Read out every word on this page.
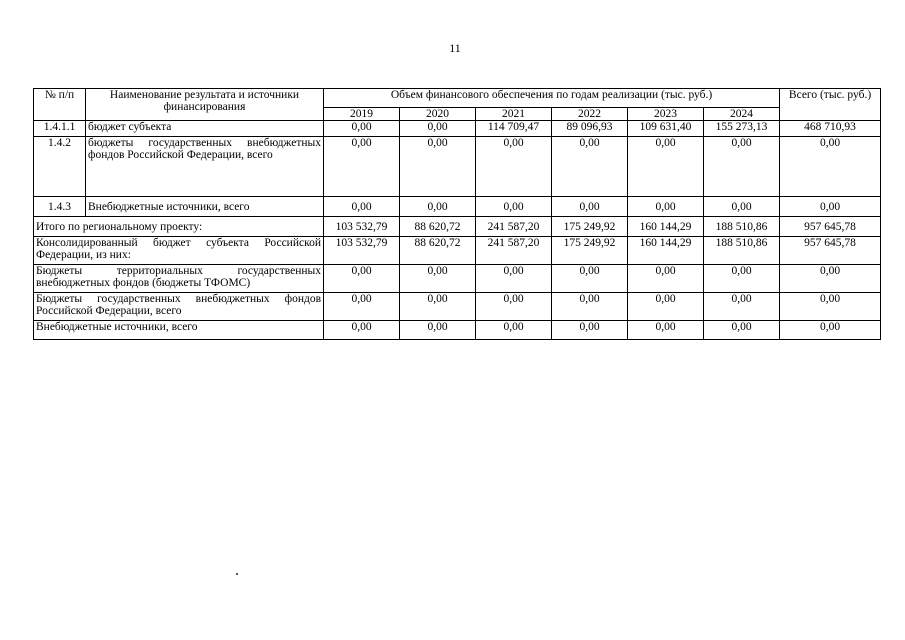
11
№ п/п	Наименование результата и источники финансирования	Объем финансового обеспечения по годам реализации (тыс. руб.)						Всего (тыс. руб.)
		2019	2020	2021	2022	2023	2024	
1.4.1.1	бюджет субъекта	0,00	0,00	114 709,47	89 096,93	109 631,40	155 273,13	468 710,93
1.4.2	бюджеты государственных внебюджетных фондов Российской Федерации, всего	0,00	0,00	0,00	0,00	0,00	0,00	0,00
1.4.3	Внебюджетные источники, всего	0,00	0,00	0,00	0,00	0,00	0,00	0,00
Итого по региональному проекту:		103 532,79	88 620,72	241 587,20	175 249,92	160 144,29	188 510,86	957 645,78
Консолидированный бюджет субъекта Российской Федерации, из них:		103 532,79	88 620,72	241 587,20	175 249,92	160 144,29	188 510,86	957 645,78
Бюджеты территориальных государственных внебюджетных фондов (бюджеты ТФОМС)		0,00	0,00	0,00	0,00	0,00	0,00	0,00
Бюджеты государственных внебюджетных фондов Российской Федерации, всего		0,00	0,00	0,00	0,00	0,00	0,00	0,00
Внебюджетные источники, всего		0,00	0,00	0,00	0,00	0,00	0,00	0,00
